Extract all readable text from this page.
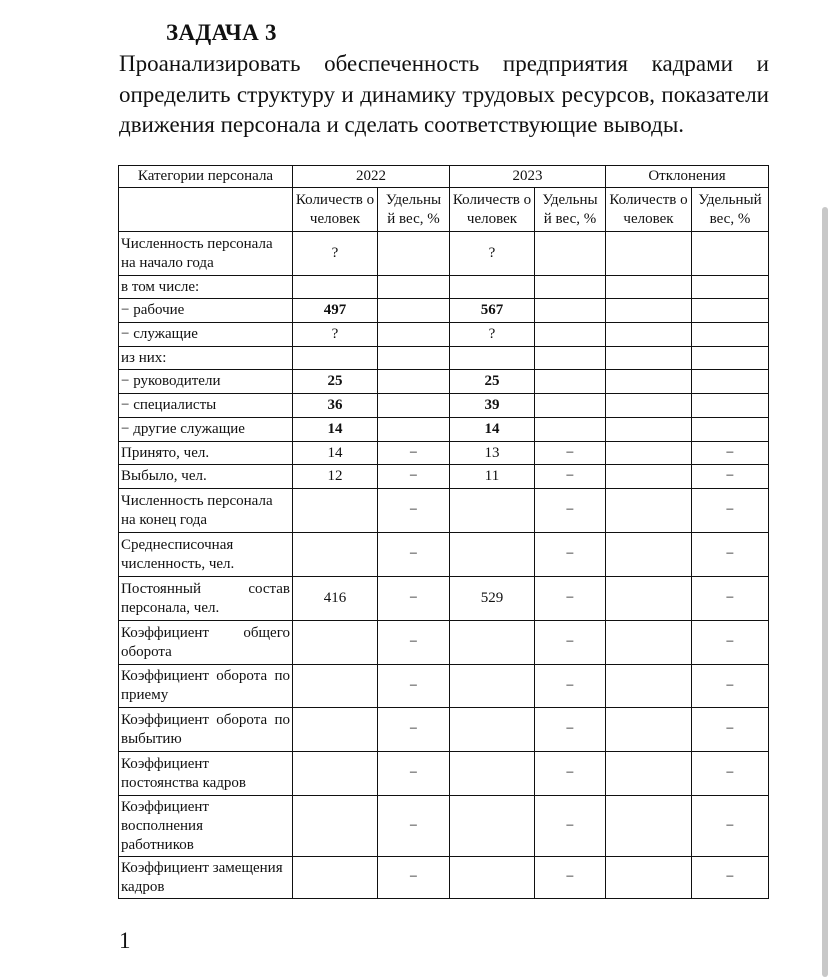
ЗАДАЧА 3
Проанализировать обеспеченность предприятия кадрами и определить структуру и динамику трудовых ресурсов, показатели движения персонала и сделать соответствующие выводы.
Категории персонала	2022		2023		Отклонения	
	Количеств о человек	Удельны й вес, %	Количеств о человек	Удельны й вес, %	Количеств о человек	Удельный вес, %
Численность персонала на начало года	?		?			
в том числе:						
− рабочие	497		567			
− служащие	?		?			
из них:						
− руководители	25		25			
− специалисты	36		39			
− другие служащие	14		14			
Принято, чел.	14	−	13	−		−
Выбыло, чел.	12	−	11	−		−
Численность персонала на конец года		−		−		−
Среднесписочная численность, чел.		−		−		−
Постоянный состав персонала, чел.	416	−	529	−		−
Коэффициент общего оборота		−		−		−
Коэффициент оборота по приему		−		−		−
Коэффициент оборота по выбытию		−		−		−
Коэффициент постоянства кадров		−		−		−

Коэффициент восполнения работников		−		−		−
Коэффициент замещения кадров		−		−		−
1
